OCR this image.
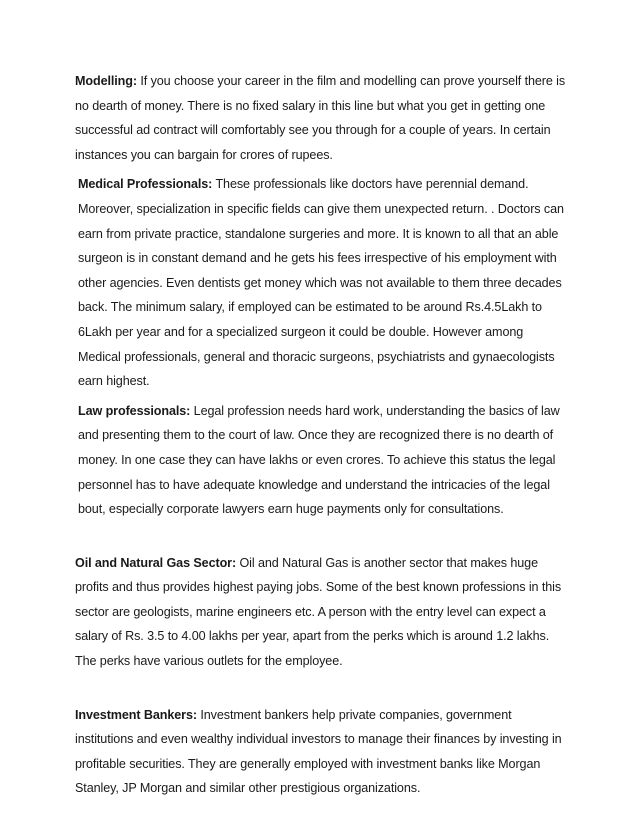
Modelling: If you choose your career in the film and modelling can prove yourself there is no dearth of money. There is no fixed salary in this line but what you get in getting one successful ad contract will comfortably see you through for a couple of years. In certain instances you can bargain for crores of rupees.

Medical Professionals: These professionals like doctors have perennial demand. Moreover, specialization in specific fields can give them unexpected return. . Doctors can earn from private practice, standalone surgeries and more. It is known to all that an able surgeon is in constant demand and he gets his fees irrespective of his employment with other agencies. Even dentists get money which was not available to them three decades back. The minimum salary, if employed can be estimated to be around Rs.4.5Lakh to 6Lakh per year and for a specialized surgeon it could be double. However among Medical professionals, general and thoracic surgeons, psychiatrists and gynaecologists earn highest.

Law professionals: Legal profession needs hard work, understanding the basics of law and presenting them to the court of law. Once they are recognized there is no dearth of money. In one case they can have lakhs or even crores. To achieve this status the legal personnel has to have adequate knowledge and understand the intricacies of the legal bout, especially corporate lawyers earn huge payments only for consultations.

Oil and Natural Gas Sector: Oil and Natural Gas is another sector that makes huge profits and thus provides highest paying jobs. Some of the best known professions in this sector are geologists, marine engineers etc. A person with the entry level can expect a salary of Rs. 3.5 to 4.00 lakhs per year, apart from the perks which is around 1.2 lakhs. The perks have various outlets for the employee.

Investment Bankers: Investment bankers help private companies, government institutions and even wealthy individual investors to manage their finances by investing in profitable securities. They are generally employed with investment banks like Morgan Stanley, JP Morgan and similar other prestigious organizations.
